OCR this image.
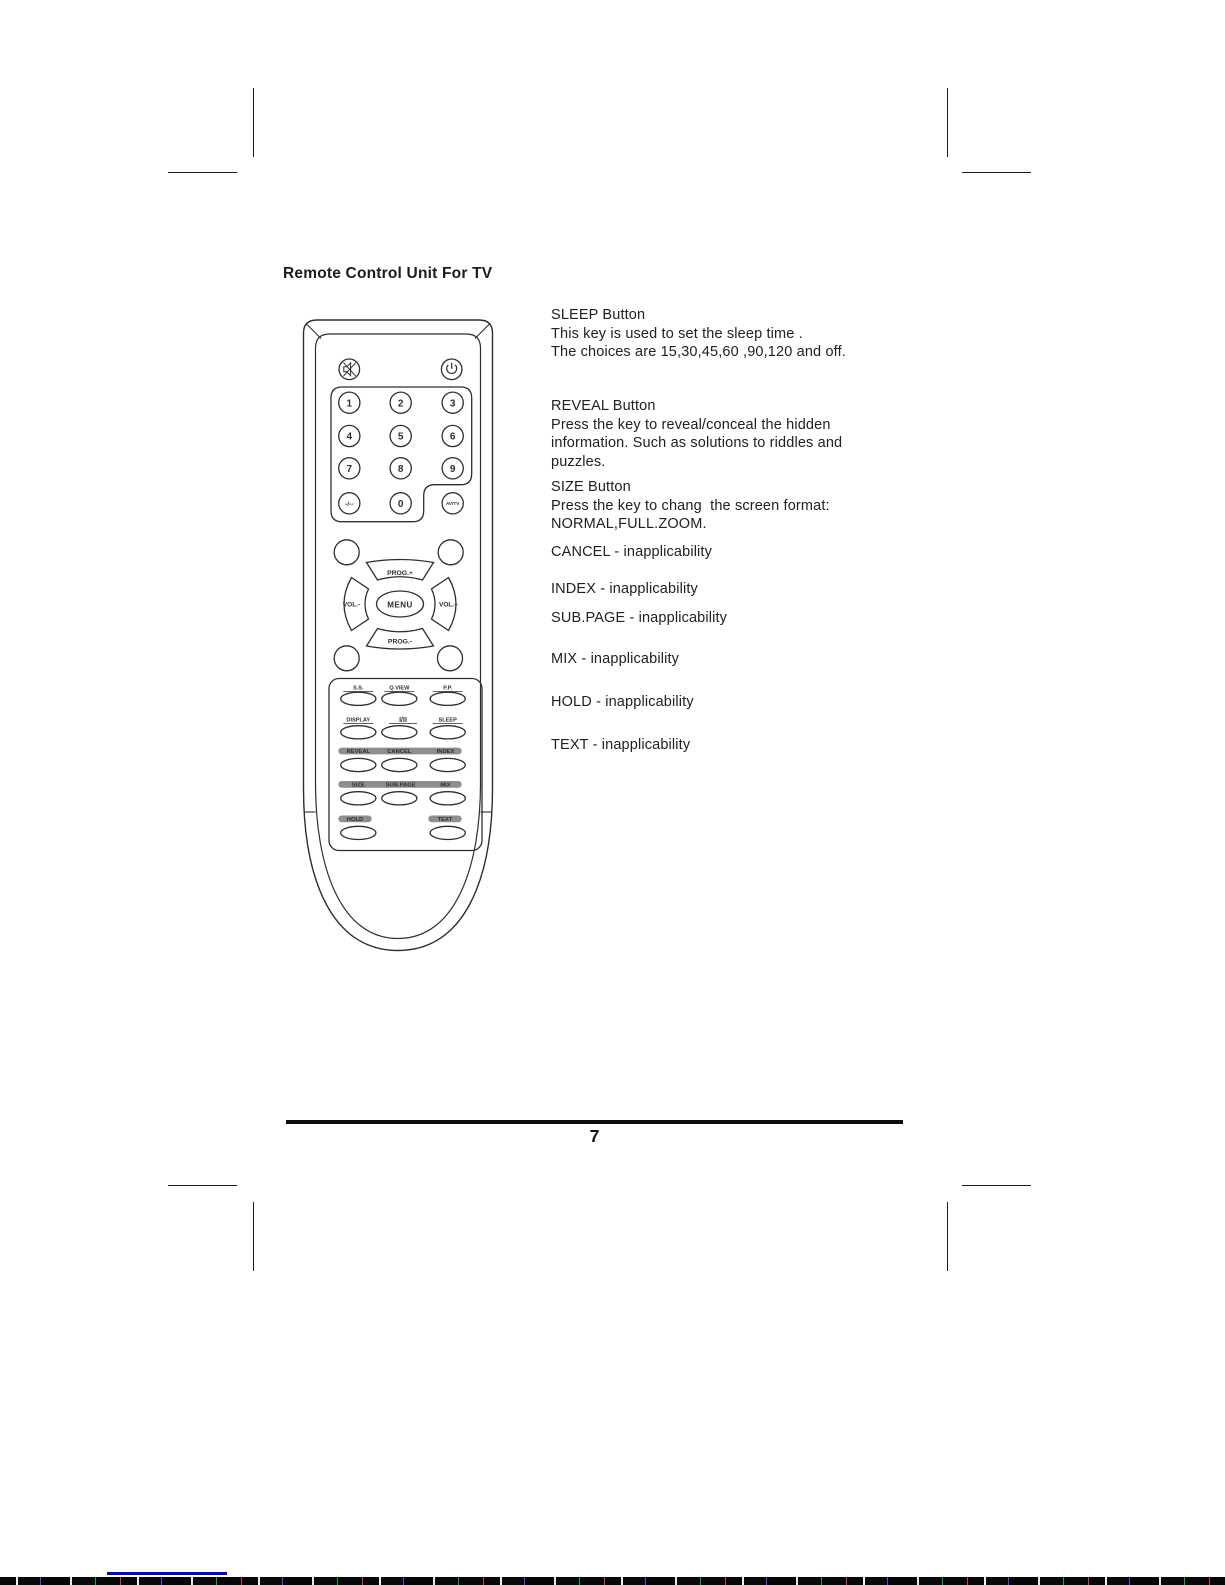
Remote Control Unit For TV
1	2	3
4	5	6
7	8	9
-/--	0	AV/TV
PROG.+
VOL.-	MENU	VOL.+
PROG.-
S.S.	Q.VIEW	P.P.
DISPLAY	I/II	SLEEP
REVEAL	CANCEL	INDEX
SIZE	SUB.PAGE	MIX
HOLD	TEXT
SLEEP Button
This key is used to set the sleep time .
The choices are 15,30,45,60 ,90,120 and off.
REVEAL Button
Press the key to reveal/conceal the hidden
information. Such as solutions to riddles and
puzzles.
SIZE Button
Press the key to chang  the screen format:
NORMAL,FULL.ZOOM.
CANCEL - inapplicability
INDEX - inapplicability
SUB.PAGE - inapplicability
MIX - inapplicability
HOLD - inapplicability
TEXT - inapplicability
7
